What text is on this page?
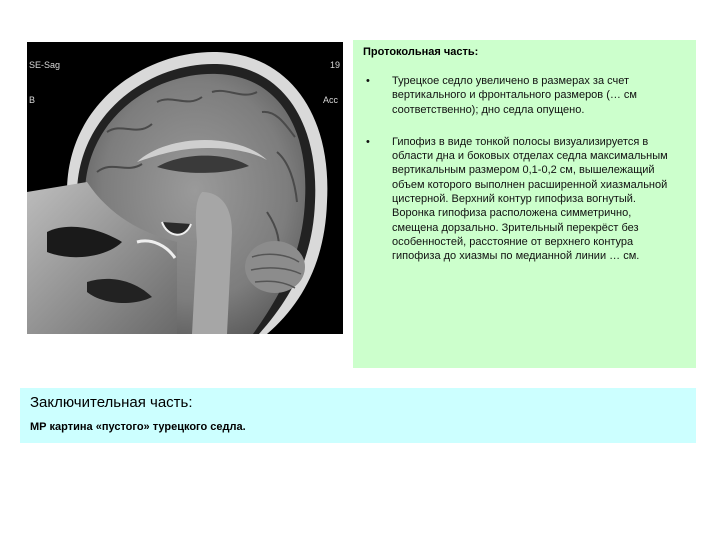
SE-Sag	19
Acc
B
Протокольная часть:
•	Турецкое седло увеличено в размерах за счет вертикального и фронтального размеров (… см соответственно); дно седла опущено.
•	Гипофиз в виде тонкой полосы визуализируется в области дна и боковых отделах седла максимальным вертикальным размером 0,1-0,2 см, вышележащий объем которого выполнен расширенной хиазмальной цистерной. Верхний контур гипофиза вогнутый. Воронка гипофиза расположена симметрично, смещена дорзально. Зрительный перекрёст без особенностей, расстояние от верхнего контура гипофиза до хиазмы по медианной линии … см.
Заключительная часть:
МР картина «пустого» турецкого седла.
